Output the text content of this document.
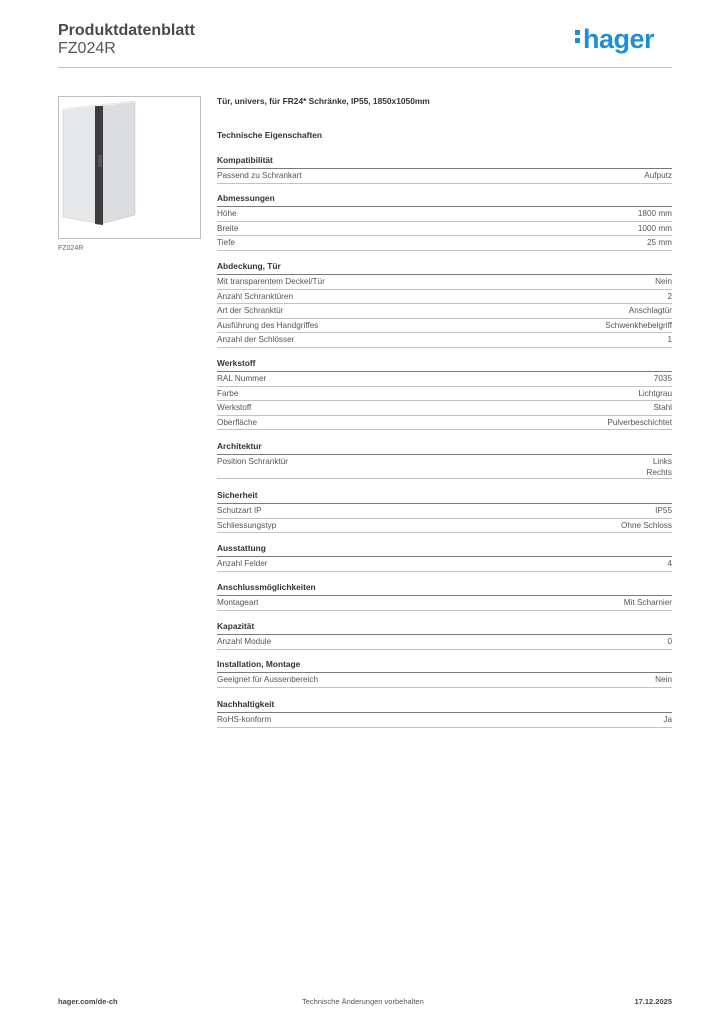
Produktdatenblatt
FZ024R	hager
FZ024R
Tür, univers, für FR24* Schränke, IP55, 1850x1050mm
Technische Eigenschaften
Kompatibilität
Passend zu Schrankart	Aufputz
Abmessungen
Höhe	1800 mm
Breite	1000 mm
Tiefe	25 mm
Abdeckung, Tür
Mit transparentem Deckel/Tür	Nein
Anzahl Schranktüren	2
Art der Schranktür	Anschlagtür
Ausführung des Handgriffes	Schwenkhebelgriff
Anzahl der Schlösser	1
Werkstoff
RAL Nummer	7035
Farbe	Lichtgrau
Werkstoff	Stahl
Oberfläche	Pulverbeschichtet
Architektur
Position Schranktür	Links
Rechts
Sicherheit
Schutzart IP	IP55
Schliessungstyp	Ohne Schloss
Ausstattung
Anzahl Felder	4
Anschlussmöglichkeiten
Montageart	Mit Scharnier
Kapazität
Anzahl Module	0
Installation, Montage
Geeignet für Aussenbereich	Nein
Nachhaltigkeit
RoHS-konform	Ja
hager.com/de-ch	Technische Änderungen vorbehalten	17.12.2025
